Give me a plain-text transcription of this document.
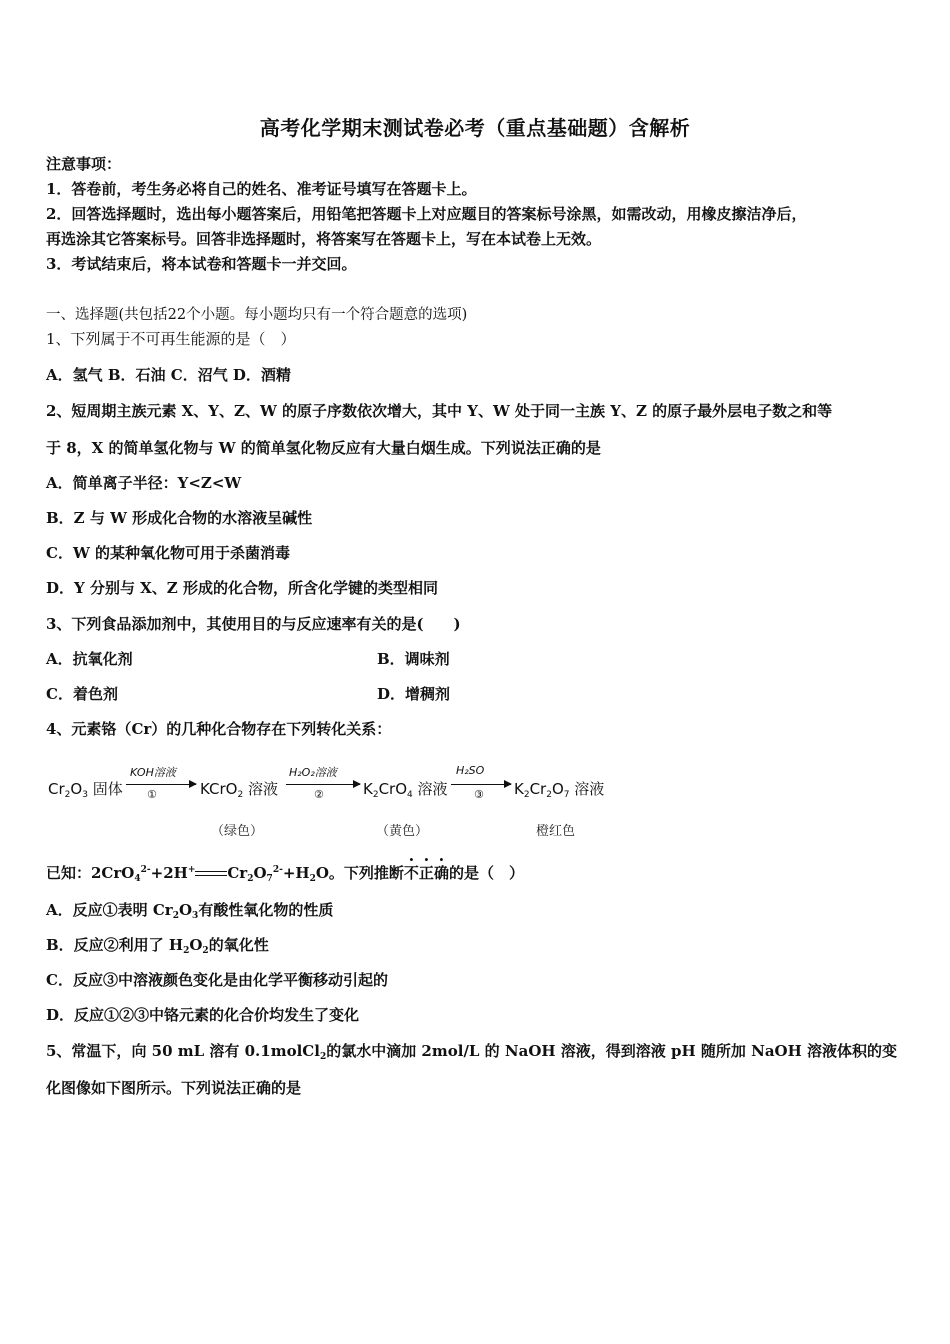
高考化学期末测试卷必考（重点基础题）含解析
注意事项：
1．答卷前，考生务必将自己的姓名、准考证号填写在答题卡上。
2．回答选择题时，选出每小题答案后，用铅笔把答题卡上对应题目的答案标号涂黑，如需改动，用橡皮擦洁净后，
再选涂其它答案标号。回答非选择题时，将答案写在答题卡上，写在本试卷上无效。
3．考试结束后，将本试卷和答题卡一并交回。
一、选择题(共包括22个小题。每小题均只有一个符合题意的选项)
1、下列属于不可再生能源的是（　）
A．氢气 B．石油 C．沼气 D．酒精
2、短周期主族元素 X、Y、Z、W 的原子序数依次增大，其中 Y、W 处于同一主族 Y、Z 的原子最外层电子数之和等
于 8，X 的简单氢化物与 W 的简单氢化物反应有大量白烟生成。下列说法正确的是
A．简单离子半径：Y<Z<W
B．Z 与 W 形成化合物的水溶液呈碱性
C．W 的某种氧化物可用于杀菌消毒
D．Y 分别与 X、Z 形成的化合物，所含化学键的类型相同
3、下列食品添加剂中，其使用目的与反应速率有关的是(　　)
A．抗氧化剂	B．调味剂
C．着色剂	D．增稠剂
4、元素铬（Cr）的几种化合物存在下列转化关系：
$Cr_2O_3$ 固体
KOH溶液
①	KCrO$_2$ 溶液
H₂O₂溶液
②	$K_2CrO_4$ 溶液
H₂SO
③ $K_2Cr_2O_7$ 溶液
（绿色）	（黄色）	橙红色
已知：2CrO$_4^{2-}$+2H+ $Cr_2O_7^{2-}+H_2O$。下列推断不正确的是（　）
A．反应①表明 $Cr_2O_3$有酸性氧化物的性质
B．反应②利用了 $H_2O_2$的氧化性
C．反应③中溶液颜色变化是由化学平衡移动引起的
D．反应①②③中铬元素的化合价均发生了变化
5、常温下，向 50 mL 溶有 0.1molCl$_2$的氯水中滴加 2mol/L 的 NaOH 溶液，得到溶液 pH 随所加 NaOH 溶液体积的变
化图像如下图所示。下列说法正确的是
